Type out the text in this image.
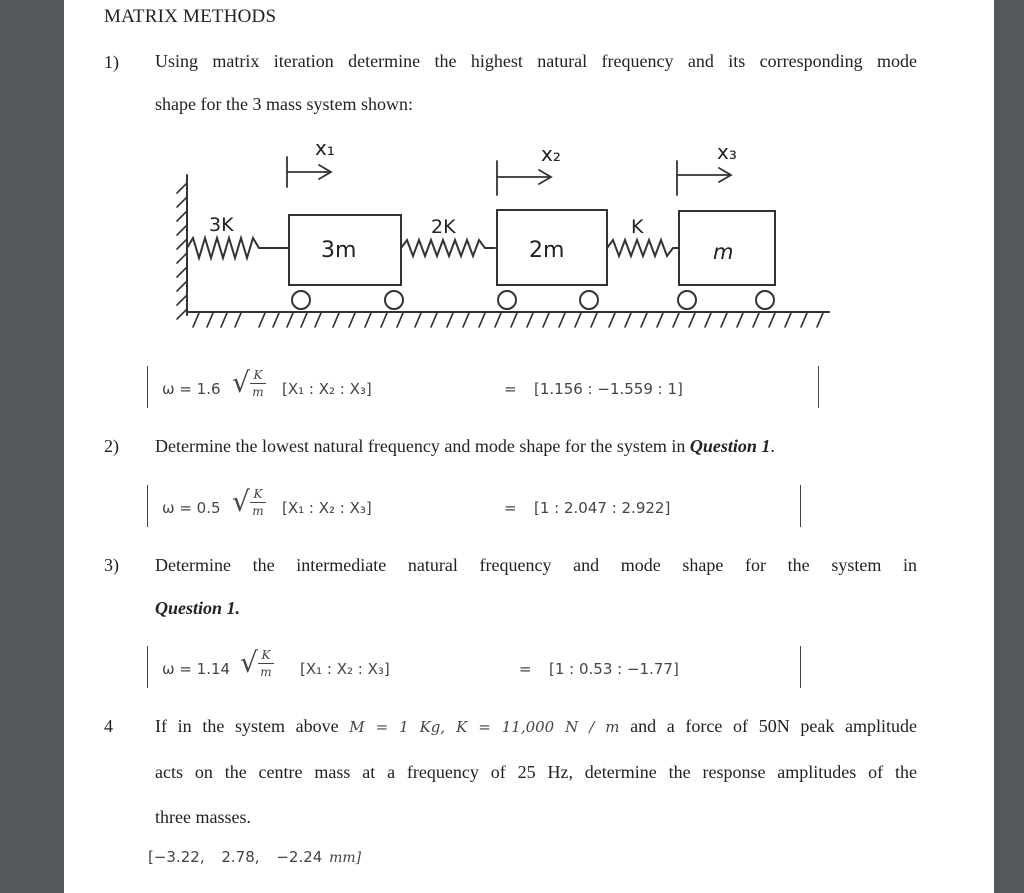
MATRIX METHODS
1) Using matrix iteration determine the highest natural frequency and its corresponding mode
shape for the 3 mass system shown:
x₁	x₂	x₃
3K	2K	K
3m	2m	m
ω = 1.6 √ K
m [X₁ : X₂ : X₃]	= [1.156 : −1.559 : 1]
2) Determine the lowest natural frequency and mode shape for the system in Question 1.
ω = 0.5 √ K
m [X₁ : X₂ : X₃]	= [1 : 2.047 : 2.922]
3) Determine the intermediate natural frequency and mode shape for the system in
Question 1.
ω = 1.14 √ K
m [X₁ : X₂ : X₃]	= [1 : 0.53 : −1.77]
4 If in the system above M = 1 Kg, K = 11,000 N / m and a force of 50N peak amplitude
acts on the centre mass at a frequency of 25 Hz, determine the response amplitudes of the
three masses.
[−3.22, 2.78, −2.24 mm]
